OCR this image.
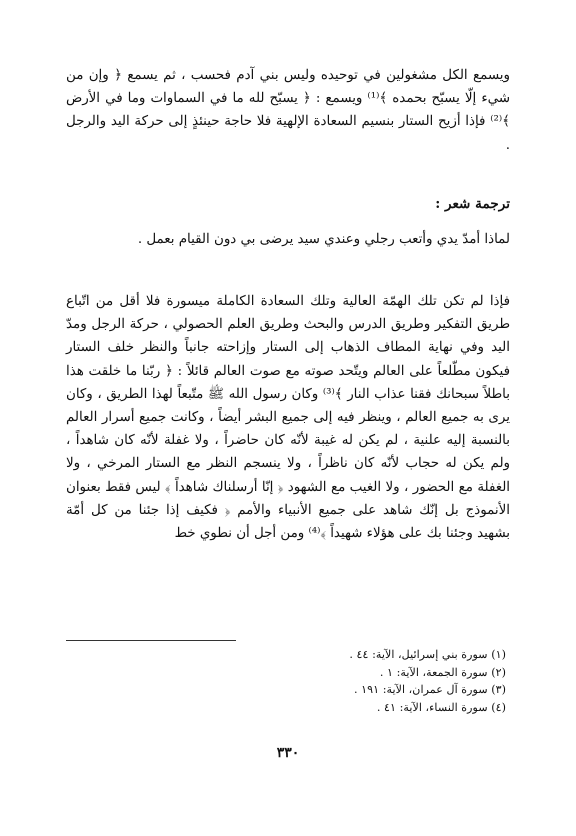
ويسمع الكل مشغولين في توحيده وليس بني آدم فحسب ، ثم يسمع ﴿ وإن من شيء إلّا يسبّح بحمده ﴾⁽¹⁾ ويسمع : ﴿ يسبّح لله ما في السماوات وما في الأرض ﴾⁽²⁾ فإذا أزيح الستار بنسيم السعادة الإلهية فلا حاجة حينئذٍ إلى حركة اليد والرجل .

ترجمة شعر :

لماذا أمدّ يدي وأتعب رجلي وعندي سيد يرضى بي دون القيام بعمل .

فإذا لم تكن تلك الهمّة العالية وتلك السعادة الكاملة ميسورة فلا أقل من اتّباع طريق التفكير وطريق الدرس والبحث وطريق العلم الحصولي ، حركة الرجل ومدّ اليد وفي نهاية المطاف الذهاب إلى الستار وإزاحته جانباً والنظر خلف الستار فيكون مطّلعاً على العالم ويتّحد صوته مع صوت العالم قائلاً : ﴿ ربّنا ما خلقت هذا باطلاً سبحانك فقنا عذاب النار ﴾⁽³⁾ وكان رسول الله ﷺ متّبعاً لهذا الطريق ، وكان يرى به جميع العالم ، وينظر فيه إلى جميع البشر أيضاً ، وكانت جميع أسرار العالم بالنسبة إليه علنية ، لم يكن له غيبة لأنّه كان حاضراً ، ولا غفلة لأنّه كان شاهداً ، ولم يكن له حجاب لأنّه كان ناظراً ، ولا ينسجم النظر مع الستار المرخي ، ولا الغفلة مع الحضور ، ولا الغيب مع الشهود ﴿ إنّا أرسلناك شاهداً ﴾ ليس فقط بعنوان الأنموذج بل إنّك شاهد على جميع الأنبياء والأمم ﴿ فكيف إذا جئنا من كل أمّة بشهيد وجئنا بك على هؤلاء شهيداً ﴾⁽⁴⁾ ومن أجل أن نطوي خط

(١) سورة بني إسرائيل، الآية: ٤٤ .
(٢) سورة الجمعة، الآية: ١ .
(٣) سورة آل عمران، الآية: ١٩١ .
(٤) سورة النساء، الآية: ٤١ .
٣٣٠
